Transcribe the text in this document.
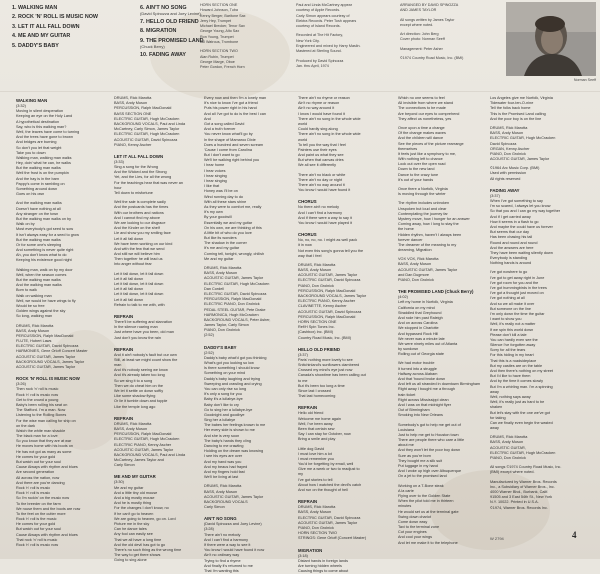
1. WALKING MAN
2. ROCK 'N' ROLL IS MUSIC NOW
3. LET IT ALL FALL DOWN
4. ME AND MY GUITAR
5. DADDY'S BABY
6. AIN'T NO SONG
(David Spinozza and Joey Levine)
7. HELLO OLD FRIEND
8. MIGRATION
9. THE PROMISED LAND
(Chuck Berry)
10. FADING AWAY
HORN SECTION ONE
Howard Johnson, Tuba
Kenny Berger, Baritone Sax
Jerry Hey, Trumpet
Michael Brecker, Tenor Sax
George Young, Alto Sax
Ron Young, Trumpet
Bill Watrous, Trombone
HORN SECTION TWO
Alan Rubin, Trumpet
George Marge, Oboe
Peter Gordon, French Horn
Paul and Linda McCartney appear
courtesy of Apple Records.
Carly Simon appears courtesy of
Elektra Records. Peter Tosh appears
courtesy of Island Records.
Recorded at The Hit Factory,
New York City.
Engineered and mixed by Harry Maslin.
Mastered at Sterling Sound.
Produced by David Spinozza
Jan. thru April, 1974
ARRANGED BY DAVID SPINOZZA
AND JAMES TAYLOR
All songs written by James Taylor
except where noted.
Art direction: John Berg
Cover photo: Norman Seeff
Management: Peter Asher
©1974 Country Road Music, Inc. (BMI)
Norman Seeff
WALKING MAN
(3:32)
Moving in silent desperation
Keeping an eye on the Holy Land
A hypothetical destination
Say, who is this walking man?
Well, the leaves have come to turning
And the trees have gone to brown
And bridges are burning
So don't you let that weight
Take you to down
Walking man, walking man walks
Hey, doin' what he can, he walks
But the walking man walks
Well the frost is on the pumpkin
And the hay is in the barn
Pappy's come in rambling on
Something around down
Goes on his own
And the walking man walks
Doesn't have nothing at all
Any stranger on the town
But the walking man walks on by
Walk on by
Most everybody's got seed to sow
It isn't always easy for a seed to grow
But the walking man walks
Or for some one's sleeping
And something is never quite right
Ah, you don't know what to do
Keeping his existence good night
Walking man, walk on by my door
Well, when the season comes
But the walking man walks
And the walking man walks
Born to walk
Walk on walking man
Well, we would be have wings to fly
Would be so free
Golden wings against the sky
So long, walking man
DRUMS, Rick Marotta
BASS, Andy Muson
PERCUSSION, Ralph MacDonald
FLUTE, Hubert Laws
ELECTRIC GUITAR, David Spinozza
HARMONIES, Gene Orloff Concert Master
ACOUSTIC GUITAR, James Taylor
BACKGROUND VOCALS, James Taylor
ACOUSTIC GUITAR, James Taylor
ROCK 'N' ROLL IS MUSIC NOW
(3:26)
Then rock 'n' roll is music
Rock 'n' roll is music now
Get to the crowd a young
Baby's been rolling his seat on
The Stafford. I'm a man. Now
Listening to the Rolling Bones
For the wise man calling for ship on
on the dark
Watch the white man shackle
The black man for a love
So you know that they are at war
He moves home with his boots on
He has not got as many as some
He comes for your gold
But watch out for your soul
Cause Always with rhythm and blues
Are second generation
All across the nation, now
And there are you're dancing
Rock 'n' roll is music
Rock 'n' roll is music
So I'm rockin' on the music now
To the breeder on the farm
We rouse them and the boots are now
To the feet on the cutter more
Rock 'n' roll is the music
He comes for your gold
But watch out for your soul
Cause Always with rhythm and blues
That rock 'n' roll is music
Rock 'n' roll is music now
DRUMS, Rick Marotta
BASS, Andy Muson
PERCUSSION, Ralph MacDonald
BASS SECTION ONE
ELECTRIC GUITAR, Hugh McCracken
BACKGROUND VOCALS, Paul and Linda
McCartney, Carly Simon, James Taylor
ELECTRIC GUITAR, Hugh McCracken
ACOUSTIC GUITAR, David Spinozza
PIANO, Kenny Ascher
LET IT ALL FALL DOWN
(3:33)
Sing a song for the Wrong
And the Wicked and the Strong
Yet, and the Lies, for all the wrong
For the teachings hear that was never an
hour
Tell down to misfortune
Well the sale is complete sadly
And the postcards has the times
With our brothers and nations
And I cannot find my above
We are looking to our disgrace
And the Kinder on the shelf
Lie and show you my smiling face
Let it all fall down
We have been working on our kind
And with the few that we send
And still we will believe him
Then together he will lead us
Into anger without fear
Let it fall down, let it fall down
Let it all fall down
Let it fall down, let it fall down
Let it all fall down
Let it fall down, let it fall down
Let it all fall down
Refrain to talk to me with, with
REFRAIN
There'll be suffering and starvation
In the silence roaring man
Just where have you been, old man
Just don't you know the rain
REFRAIN
And it ain't nobody's fault but our own
Still, at least we might count show the
man
And it's nobody seeing we know
And it's already taken too long
So we sing it to a song
Then we do cheat him on the
We let it settle on down softly
Like some shadow flying
Or lie it tumble down and topple
Like the temple long ago
REFRAIN
DRUMS, Rick Marotta
BASS, Andy Muson
PERCUSSION, Ralph MacDonald
ELECTRIC GUITAR, Hugh McCracken
ELECTRIC PIANO, Kenny Ascher
ACOUSTIC GUITAR, James Taylor
BACKGROUND VOCALS, Paul and Linda
McCartney, James Taylor and
Carly Simon
ME AND MY GUITAR
(3:30)
Me and my guitar
And a little tiny old mouse
And a big mostly mouse
And he is mostly thing
For the changes I don't know, no
If he can't go to heaven
We are going to heaven, go on. Lord
Picture me in the sky
Can he dance tales
Any fool can easily see
That we all have a long time
And the old devil has got to go
There's no such thing as the wrong time
The way to get there shows
Going to sing alone
Every now and then I'm a lonely man
It's nice to know I've got a friend
Puts his power right in his hand
And all I've got to do is the best I can
And
Got a song called David
And a truth forever
You never know what'll go by
In the shape of Mamaroo Dixie
Does a hundred and seven scream
'Cause I come from Carolina
But I don't want to go
We'll be walking right behind you
I hear home
I hear voices
I hear singing
I hear singing
I like that
Honey was I'll be on
Wind running day to do
With all these stars shine
As they were to comfort me, really
It's my own
By your goodwill
Essentially we and my guitar
On his own, we are thinking of this
A little bit of who do you love
But like its wonders
The shadow in the corner
It's me and my guitar
Coming tell, tonight, wrongly, chilish
Me and my guitar
DRUMS, Rick Marotta
BASS, Andy Muson
ACOUSTIC GUITAR, James Taylor
ELECTRIC GUITAR, Hugh McCracken
Dan Cordell
ELECTRIC GUITAR, David Spinozza
PERCUSSION, Ralph MacDonald
ELECTRIC PIANO, Don Grolnick
PEDAL STEEL GUITAR, Pete Drake
HARMONICA, Hugh McCracken
BACKGROUND VOCALS, Peter Asher,
James Taylor, Carly Simon
PIANO, Don Grolnick
(2:52)
DADDY'S BABY
(2:52)
Daddy's baby what'd got you thinking
What's got you looking so low
Is there something I should know
Something on your mind
Daddy's baby laughing and trying
Sweeping and crawling and crying
You can only rise so long
It's only a song for you
Baby it's a lullabye-bye
Baby don't like to cry
Go to sing her a lullabye-bye
Goodnight and goodbye
Sing her a lullabye
The babes her feelings known to me
Her every side is shown to me
And she is very soon
The baby's hands they cling
Dancing to me crawling
Holding on the dream was knowing
I see his eyes are over
And my hand was you
And my beaus had frayed
And my fingers hold fast
We'll be living at last
DRUMS, Rick Marotta
BASS, Andy Muson
ACOUSTIC GUITAR, James Taylor
BACKGROUND VOCALS
Carly Simon
AIN'T NO SONG
(David Spinozza and Joey Levine)
(3:28)
There ain't no melody
And I can't find a harmony
If there were a way to see it
You know I would have found it now
Ain't no ordinary way
Trying to find a rhyme
And finally it's returned to me
That I'm wanting this
There ain't no rhyme or reason
Ain't no rhyme or reason
Ain't no way around it
I know I would have found it
There ain't no song in the whole wide
world
Could hardly sing along
There ain't no song in the whole wide
world
To tell you the way that I feel
Painters use their eyes
And paint us what they see
But when that canvas dries
We all see it differently
There ain't no black or white
There ain't no day or night
There ain't no way around it
You know I would have found it
CHORUS
No there ain't no melody
And I can't find a harmony
And if there were a way to say it
You know I would have played it
CHORUS
No, no, no, no. I might as well pack
it in now
Not even this song's gonna tell you the
way that I feel
DRUMS, Rick Marotta
BASS, Andy Muson
ACOUSTIC GUITAR, James Taylor
ELECTRIC GUITAR, David Spinozza
PIANO, Don Grolnick
PERCUSSION, Ralph MacDonald
BACKGROUND VOCALS, James Taylor
ELECTRIC PIANO, Kenny Ascher
CLAVINETTE, Kenny Ascher
ACOUSTIC GUITAR, David Spinozza
PERCUSSION, Ralph MacDonald
HORN SECTION ONE
Ref/H Spin Tones Inc.
(Cashbox) Inc. (BMI)
Country Road Music, Inc. (BMI)
HELLO OLD FRIEND
(3:37)
Paris' nothing more lovely to see
Snitchinland's sunflowers clambered
Crossed my mind's eye just now
Canada's showtime has been calling out
to me
But it's been too long a time
Since last I crossed
That last homecoming
REFRAIN
Hello old friend
Welcome me home again
Well, I've been away
Been that certain sew
Say I can stay for October, now
Bring a smile and play
Little dog David
I must love him a lot
I must remember you
You'd be forgetting by email, well
Give me a week or two to readjust to
my
I've got stories to tell
About how I watched the devil's catch
And run on the thought of hell
REFRAIN
DRUMS, Rick Marotta
BASS, Andy Muson
ELECTRIC GUITAR, David Spinozza
ACOUSTIC GUITAR, James Taylor
PIANO, Don Grolnick
HORN SECTION TWO
STRINGS: Gene Orloff (Concert Master)
MIGRATION
(3:18)
Distant hands in foreign lands
Are turning hidden wheels
Causing things to come about
Which no one seems to feel
All invisible from where we stand
The connections to be made
Are beyond our eyes to comprehend
They affect us nonetheless, yes
Once upon a time a change
Of the change makes waves
And the children will dance
See the pieces of the picture rearrange
themselves
It feels just like a symphony to me,
With nothing left to chance
Look out over the open road
Down to the new land
Dance to the crazy tune
It's out of your hands
Once there a Norfolk, Virginia
Is moving through the winter
The rhythm includes unbroken
Unspoken but loud and clear
Contemplating the journey far
Mystery move, how I hunger for an answer
Coming away, how I long to stay the
the home
Hidden rhythm, haven't I always been
forever dancer
The dreamer of the meaning to my
dreaming, Migration
VOX VOX, Rick Marotta
BASS, Andy Muson
ACOUSTIC GUITAR, James Taylor
and Dan Dugmore
PIANO, Don Grolnick
THE PROMISED LAND (Chuck Berry)
(4:02)
Left my home in Norfolk, Virginia
California on my mind
Straddled that Greyhound
And rode him past Raleigh
And on across Carolina
We stopped in Charlotte
And bypassed Rock Hill
We never was a minute late
We were ninety miles out of Atlanta
by sundown
Rolling out of Georgia state
We had motor trouble
It turned into a struggle
Halfway across Alabam
And that 'hound broke down
And left us all stranded in downtown Birmingham
Right away I bought me a through
train ticket
Right across Mississippi clean
And I was on that midnight flyer
Out of Birmingham
Smoking into New Orleans
Somebody's got to help me get out of
Louisiana
Just to help me get to Houston town
There are people there who care a little
about me
And they won't let the poor boy down
Sure as you're born
They bought me a silk suit
Put luggage in my hand
And I woke up high over Albuquerque
On a jet to the promised land
Working on a T-Bone steak
A la carte
Flying over to the Golden State
When the pilot told me in thirteen
minutes
He would set us at the terminal gate
Swing down chariot
Come down easy
Taxi to the terminal zone
Cut your engines
And cool your wings
And let me make it to the telephone
Los Angeles give me Norfolk, Virginia
Tidewater four-ten-O-nine
Tell the folks back home
This is the Promised Land calling
And the poor boy is on the line
DRUMS, Rick Marotta
BASS, Andy Muson
ELECTRIC GUITAR, Hugh McCracken
David Spinozza
ORGAN, Kenny Ascher
PIANO, Don Grolnick
ACOUSTIC GUITAR, James Taylor
©1964 Arc Music Corp. (BMI)
Used with permission
All rights reserved
FADING AWAY
(3:37)
When I've got something to say
I'm so scared, I always let you know
So that you and I can go my way together
And if I get carried away
How it seems in a flash to go
And maybe the could have us forever
But seems that our day
Has been chasing his tail
Round and round and round
And the answers are here
They have been waiting silently down
Everybody is standing
Nothing hands is around
I've got nowhere to go
I've got to get away right in June
I've got room for you and the
I've got hummingbirds in the trees
I've got a thought just moved on
I've got nothing at all
And so we all make it over
But someone on the line
I'm only down the time the guitar
I want to show you
Well, it's really not a matter
If we spin this world down
Please don't kill a tale
You can hardly even see the
Silence I've forgotten away
Sorry for all the tears
For this hiding in my heart
That this is a roadsideplace
But my castles are on the table
And then there's nothing on my street
But I'd like to have them
And by the time it comes slowly
But I'm a whirling man. I'm a spinning
away
Well, nothing says away
Well, it's really just as hard to be
shaken
But let's stay with the one we've got
for taking
Can we finally even begin the wasted
away
DRUMS, Rick Marotta
BASS, Andy Muson
ACOUSTIC GUITAR,
ELECTRIC GUITAR, Hugh McCracken
PIANO, Don Grolnick
All songs ©1974 Country Road Music, Inc.
(BMI) except where noted.
Manufactured by Warner Bros. Records
Inc., a Subsidiary of Warner Bros., Inc.
4000 Warner Blvd., Burbank, Calif.
91505 and 3 East 54th St., New York
N.Y. 10022. Printed in U.S.A.
©1974, Warner Bros. Records Inc.
W 2794	4
